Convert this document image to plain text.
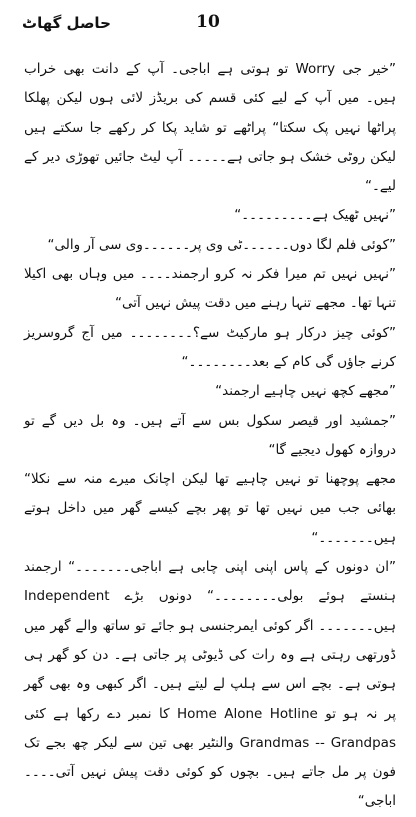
حاصل گھاٹ	10

”خیر جی Worry تو ہوتی ہے اباجی۔ آپ کے دانت بھی خراب ہیں۔ میں آپ کے لیے کئی قسم کی بریڈز لائی ہوں لیکن پھلکا پراٹھا نہیں پک سکتا“ پراٹھے تو شاید پکا کر رکھے جا سکتے ہیں لیکن روٹی خشک ہو جاتی ہے۔۔۔۔۔ آپ لیٹ جائیں تھوڑی دیر کے لیے۔“

”نہیں ٹھیک ہے۔۔۔۔۔۔۔۔۔“

”کوئی فلم لگا دوں۔۔۔۔۔۔ٹی وی پر۔۔۔۔۔۔وی سی آر والی“

”نہیں نہیں تم میرا فکر نہ کرو ارجمند۔۔۔۔ میں وہاں بھی اکیلا تنہا تھا۔ مجھے تنہا رہنے میں دقت پیش نہیں آتی“

”کوئی چیز درکار ہو مارکیٹ سے؟۔۔۔۔۔۔۔۔ میں آج گروسریز کرنے جاؤں گی کام کے بعد۔۔۔۔۔۔۔۔“

”مجھے کچھ نہیں چاہیے ارجمند“

”جمشید اور قیصر سکول بس سے آتے ہیں۔ وہ بل دیں گے تو دروازہ کھول دیجیے گا“

مجھے پوچھنا تو نہیں چاہیے تھا لیکن اچانک میرے منہ سے نکلا“ بھائی جب میں نہیں تھا تو پھر بچے کیسے گھر میں داخل ہوتے ہیں۔۔۔۔۔۔۔“

”ان دونوں کے پاس اپنی اپنی چابی ہے اباجی۔۔۔۔۔۔۔“ ارجمند ہنستے ہوئے بولی۔۔۔۔۔۔۔۔“ دونوں بڑے Independent ہیں۔۔۔۔۔۔۔ اگر کوئی ایمرجنسی ہو جائے تو ساتھ والے گھر میں ڈورتھی رہتی ہے وہ رات کی ڈیوٹی پر جاتی ہے۔ دن کو گھر ہی ہوتی ہے۔ بچے اس سے ہلپ لے لیتے ہیں۔ اگر کبھی وہ بھی گھر پر نہ ہو تو Home Alone Hotline کا نمبر دے رکھا ہے کئی Grandmas -- Grandpas والنٹیر بھی تین سے لیکر چھ بجے تک فون پر مل جاتے ہیں۔ بچوں کو کوئی دقت پیش نہیں آتی۔۔۔۔اباجی“
